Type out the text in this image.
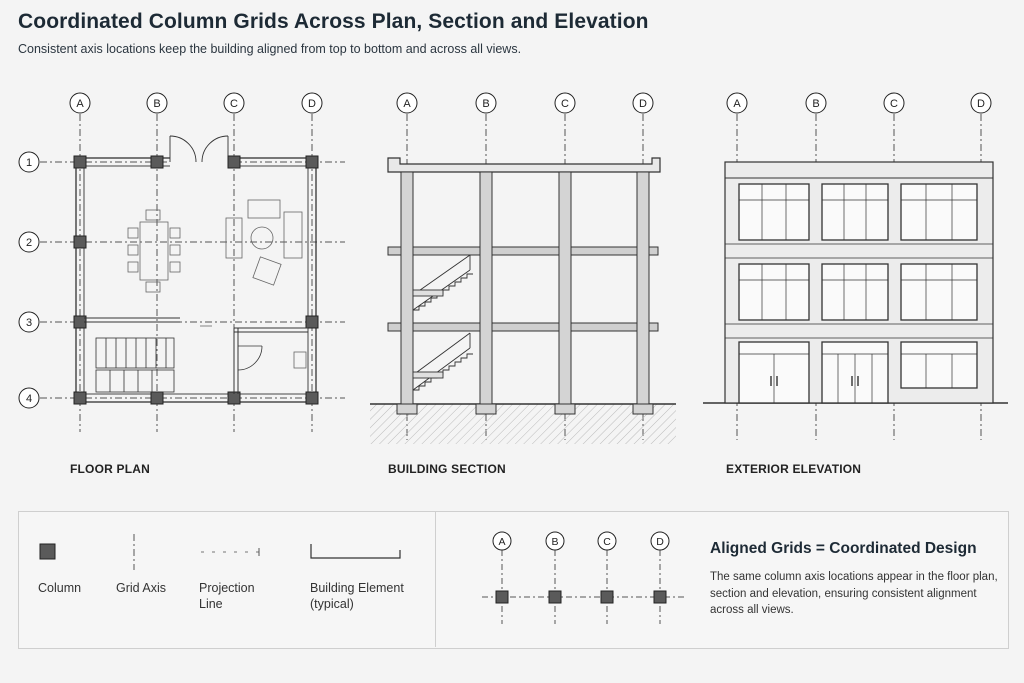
Coordinated Column Grids Across Plan, Section and Elevation
Consistent axis locations keep the building aligned from top to bottom and across all views.
A	B	C	D
1
2
3
4
A	B	C	D	A	B	C	D
FLOOR PLAN	BUILDING SECTION	EXTERIOR ELEVATION
Column	Grid Axis	Projection
Line
Building Element
(typical)
A	B	C	D	Aligned Grids = Coordinated Design
The same column axis locations appear in the floor plan, section and elevation, ensuring consistent alignment across all views.
